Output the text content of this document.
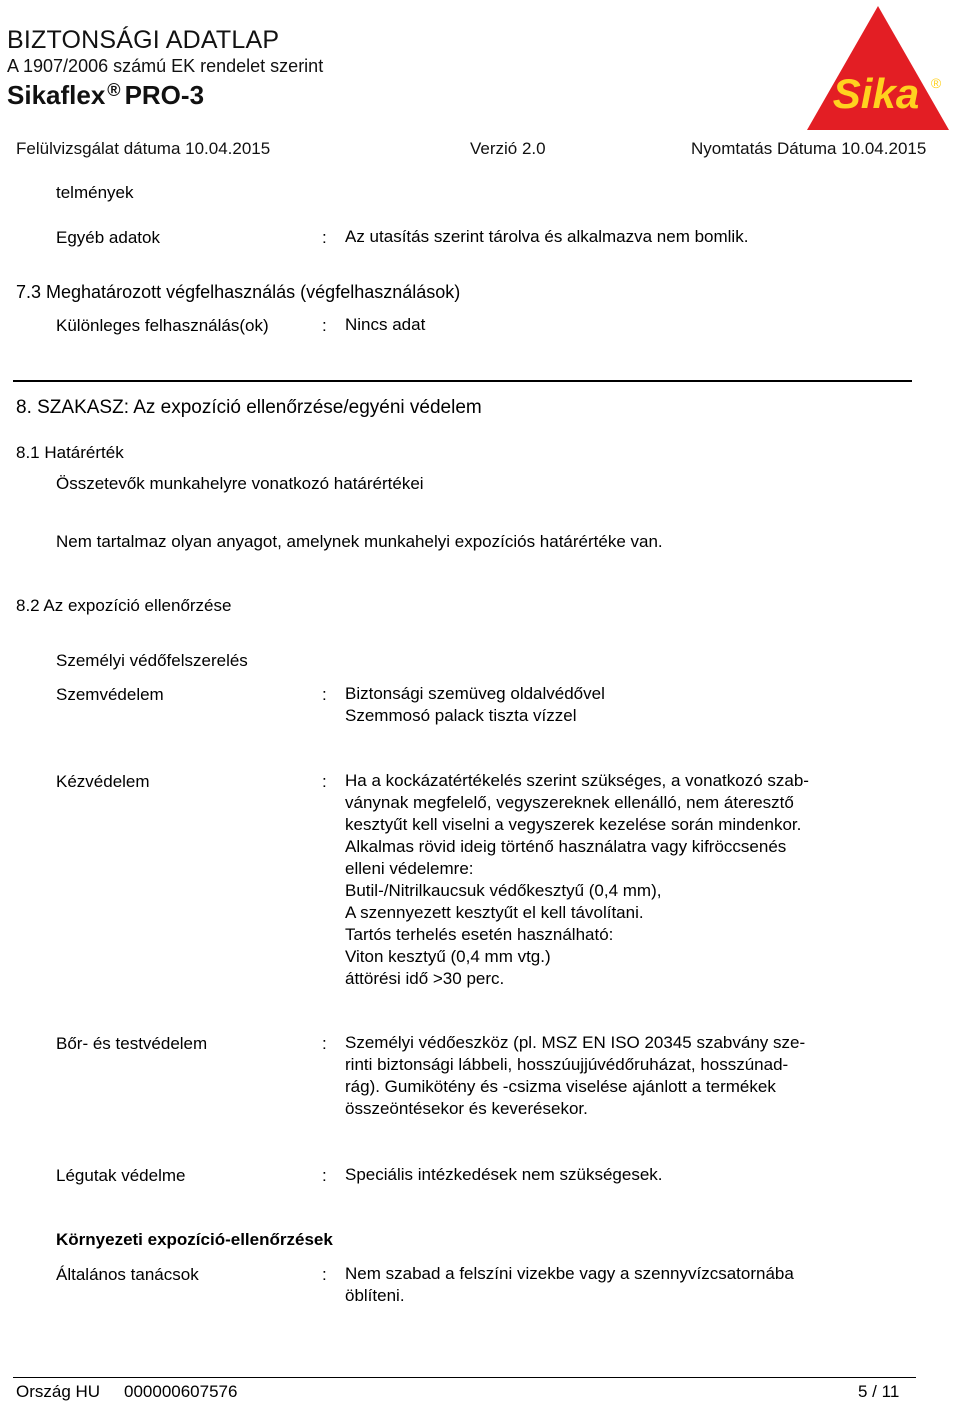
BIZTONSÁGI ADATLAP
A 1907/2006 számú EK rendelet szerint
Sikaflex ® PRO-3
Felülvizsgálat dátuma 10.04.2015	Verzió 2.0	Nyomtatás Dátuma 10.04.2015
Sika ®
telmények
Egyéb adatok	: Az utasítás szerint tárolva és alkalmazva nem bomlik.
7.3 Meghatározott végfelhasználás (végfelhasználások)
Különleges felhasználás(ok)	: Nincs adat
8. SZAKASZ: Az expozíció ellenőrzése/egyéni védelem
8.1 Határérték
Összetevők munkahelyre vonatkozó határértékei
Nem tartalmaz olyan anyagot, amelynek munkahelyi expozíciós határértéke van.
8.2 Az expozíció ellenőrzése
Személyi védőfelszerelés
Szemvédelem	: Biztonsági szemüveg oldalvédővel
Szemmosó palack tiszta vízzel
Kézvédelem	: Ha a kockázatértékelés szerint szükséges, a vonatkozó szab-
ványnak megfelelő, vegyszereknek ellenálló, nem áteresztő
kesztyűt kell viselni a vegyszerek kezelése során mindenkor.
Alkalmas rövid ideig történő használatra vagy kifröccsenés
elleni védelemre:
Butil-/Nitrilkaucsuk védőkesztyű (0,4 mm),
A szennyezett kesztyűt el kell távolítani.
Tartós terhelés esetén használható:
Viton kesztyű (0,4 mm vtg.)
áttörési idő >30 perc.
Bőr- és testvédelem	: Személyi védőeszköz (pl. MSZ EN ISO 20345 szabvány sze-
rinti biztonsági lábbeli, hosszúujjúvédőruházat, hosszúnad-
rág). Gumikötény és -csizma viselése ajánlott a termékek
összeöntésekor és keverésekor.
Légutak védelme	: Speciális intézkedések nem szükségesek.
Környezeti expozíció-ellenőrzések
Általános tanácsok	: Nem szabad a felszíni vizekbe vagy a szennyvízcsatornába
öblíteni.
Ország HU 000000607576	5 / 11
